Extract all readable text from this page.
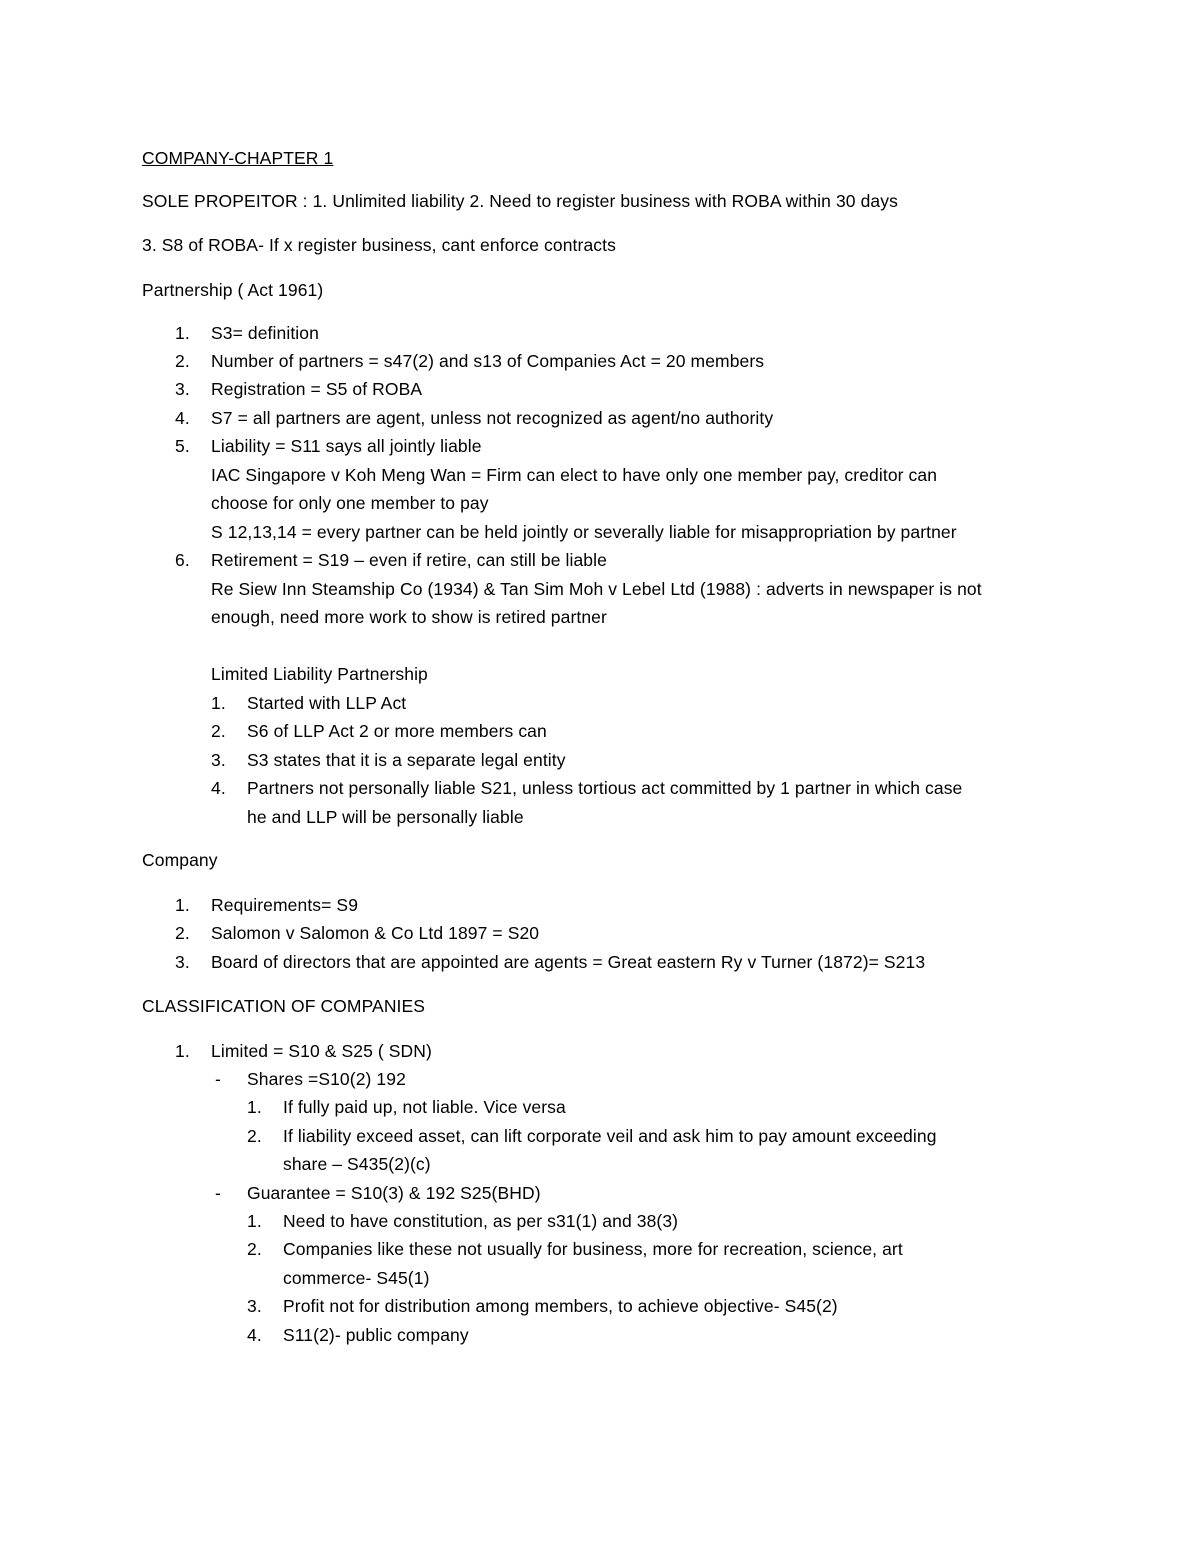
COMPANY-CHAPTER 1
SOLE PROPEITOR : 1. Unlimited liability 2. Need to register business with ROBA within 30 days
3. S8 of ROBA- If x register business, cant enforce contracts
Partnership ( Act 1961)
1. S3= definition
2. Number of partners = s47(2) and s13 of Companies Act = 20 members
3. Registration = S5 of ROBA
4. S7 = all partners are agent, unless not recognized as agent/no authority
5. Liability = S11 says all jointly liable
IAC Singapore v Koh Meng Wan = Firm can elect to have only one member pay, creditor can
choose for only one member to pay
S 12,13,14 = every partner can be held jointly or severally liable for misappropriation by partner
6. Retirement = S19 – even if retire, can still be liable
Re Siew Inn Steamship Co (1934) & Tan Sim Moh v Lebel Ltd (1988) : adverts in newspaper is not
enough, need more work to show is retired partner
Limited Liability Partnership
1. Started with LLP Act
2. S6 of LLP Act 2 or more members can
3. S3 states that it is a separate legal entity
4. Partners not personally liable S21, unless tortious act committed by 1 partner in which case
he and LLP will be personally liable
Company
1. Requirements= S9
2. Salomon v Salomon & Co Ltd 1897 = S20
3. Board of directors that are appointed are agents = Great eastern Ry v Turner (1872)= S213
CLASSIFICATION OF COMPANIES
1. Limited = S10 & S25 ( SDN)
- Shares =S10(2) 192
1. If fully paid up, not liable. Vice versa
2. If liability exceed asset, can lift corporate veil and ask him to pay amount exceeding
share – S435(2)(c)
- Guarantee = S10(3) & 192 S25(BHD)
1. Need to have constitution, as per s31(1) and 38(3)
2. Companies like these not usually for business, more for recreation, science, art
commerce- S45(1)
3. Profit not for distribution among members, to achieve objective- S45(2)
4. S11(2)- public company
